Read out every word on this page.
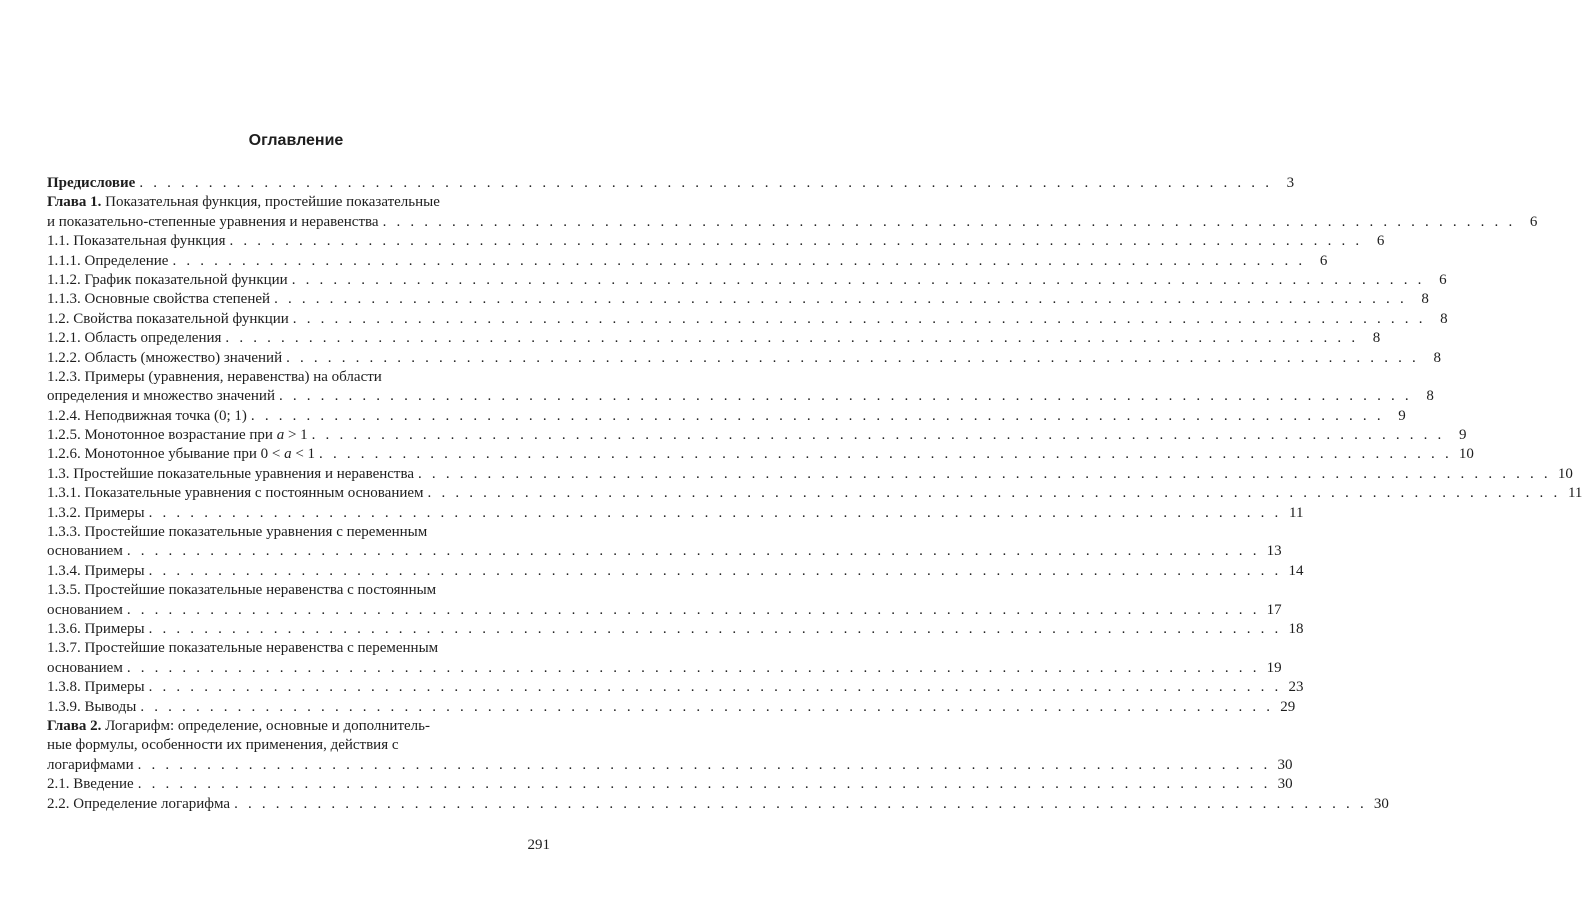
Оглавление
Предисловие . . .	3
Глава 1. Показательная функция, простейшие показательные
и показательно-степенные уравнения и неравенства . . .	6
1.1. Показательная функция . . .	6
1.1.1. Определение . . .	6
1.1.2. График показательной функции . . .	6
1.1.3. Основные свойства степеней . . .	8
1.2. Свойства показательной функции . . .	8
1.2.1. Область определения . . .	8
1.2.2. Область (множество) значений . . .	8
1.2.3. Примеры (уравнения, неравенства) на области
определения и множество значений . . .	8
1.2.4. Неподвижная точка (0; 1) . . .	9
1.2.5. Монотонное возрастание при a > 1 . . .	9
1.2.6. Монотонное убывание при 0 < a < 1 . . .	10
1.3. Простейшие показательные уравнения и неравенства . . .	10
1.3.1. Показательные уравнения с постоянным основанием . . .	11
1.3.2. Примеры . . .	11
1.3.3. Простейшие показательные уравнения с переменным
основанием . . .	13
1.3.4. Примеры . . .	14
1.3.5. Простейшие показательные неравенства с постоянным
основанием . . .	17
1.3.6. Примеры . . .	18
1.3.7. Простейшие показательные неравенства с переменным
основанием . . .	19
1.3.8. Примеры . . .	23
1.3.9. Выводы . . .	29
Глава 2. Логарифм: определение, основные и дополнитель-
ные формулы, особенности их применения, действия с
логарифмами . . .	30
2.1. Введение . . .	30
2.2. Определение логарифма . . .	30
291
